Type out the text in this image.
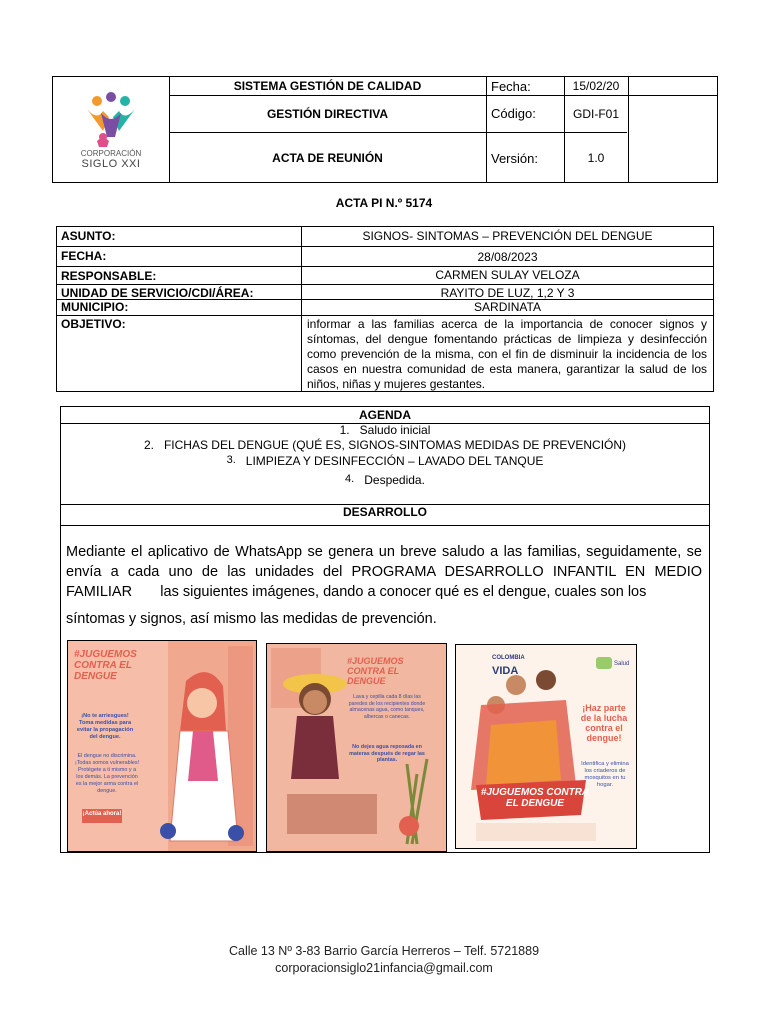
CORPORACIÓN
SIGLO XXI
SISTEMA GESTIÓN DE CALIDAD
GESTIÓN DIRECTIVA
ACTA DE REUNIÓN
Fecha:	15/02/20
Código:	GDI-F01
Versión:	1.0
ACTA PI N.º 5174
ASUNTO:	SIGNOS- SINTOMAS – PREVENCIÓN DEL DENGUE
FECHA:	28/08/2023
RESPONSABLE:	CARMEN SULAY VELOZA
UNIDAD DE SERVICIO/CDI/ÁREA:	RAYITO DE LUZ, 1,2 Y 3
MUNICIPIO:	SARDINATA
OBJETIVO:	informar a las familias acerca de la importancia de conocer signos y síntomas, del dengue fomentando prácticas de limpieza y desinfección como prevención de la misma, con el fin de disminuir la incidencia de los casos en nuestra comunidad de esta manera, garantizar la salud de los niños, niñas y mujeres gestantes.
AGENDA
1. Saludo inicial
2. FICHAS DEL DENGUE (QUÉ ES, SIGNOS-SINTOMAS MEDIDAS DE PREVENCIÓN)
3. LIMPIEZA Y DESINFECCIÓN – LAVADO DEL TANQUE
4. Despedida.
DESARROLLO
Mediante el aplicativo de WhatsApp se genera un breve saludo a las familias, seguidamente, se envía a cada uno de las unidades del PROGRAMA DESARROLLO INFANTIL EN MEDIO FAMILIAR las siguientes imágenes, dando a conocer qué es el dengue, cuales son los
síntomas y signos, así mismo las medidas de prevención.
#JUGUEMOS CONTRA EL DENGUE
¡No te arriesgues! Toma medidas para evitar la propagación del dengue.
El dengue no discrimina. ¡Todas somos vulnerables! Protégete a ti mismo y a los demás. La prevención es la mejor arma contra el dengue.
¡Actúa ahora!
#JUGUEMOS CONTRA EL DENGUE
Lava y cepilla cada 8 días las paredes de los recipientes donde almacenas agua, como tanques, albercas o canecas.
No dejes agua reposada en materas después de regar las plantas.
COLOMBIA
VIDA
Salud
¡Haz parte de la lucha contra el dengue!
Identifica y elimina los criaderos de mosquitos en tu hogar.
#JUGUEMOS CONTRA EL DENGUE
Calle 13 Nº 3-83 Barrio García Herreros – Telf. 5721889
corporacionsiglo21infancia@gmail.com
